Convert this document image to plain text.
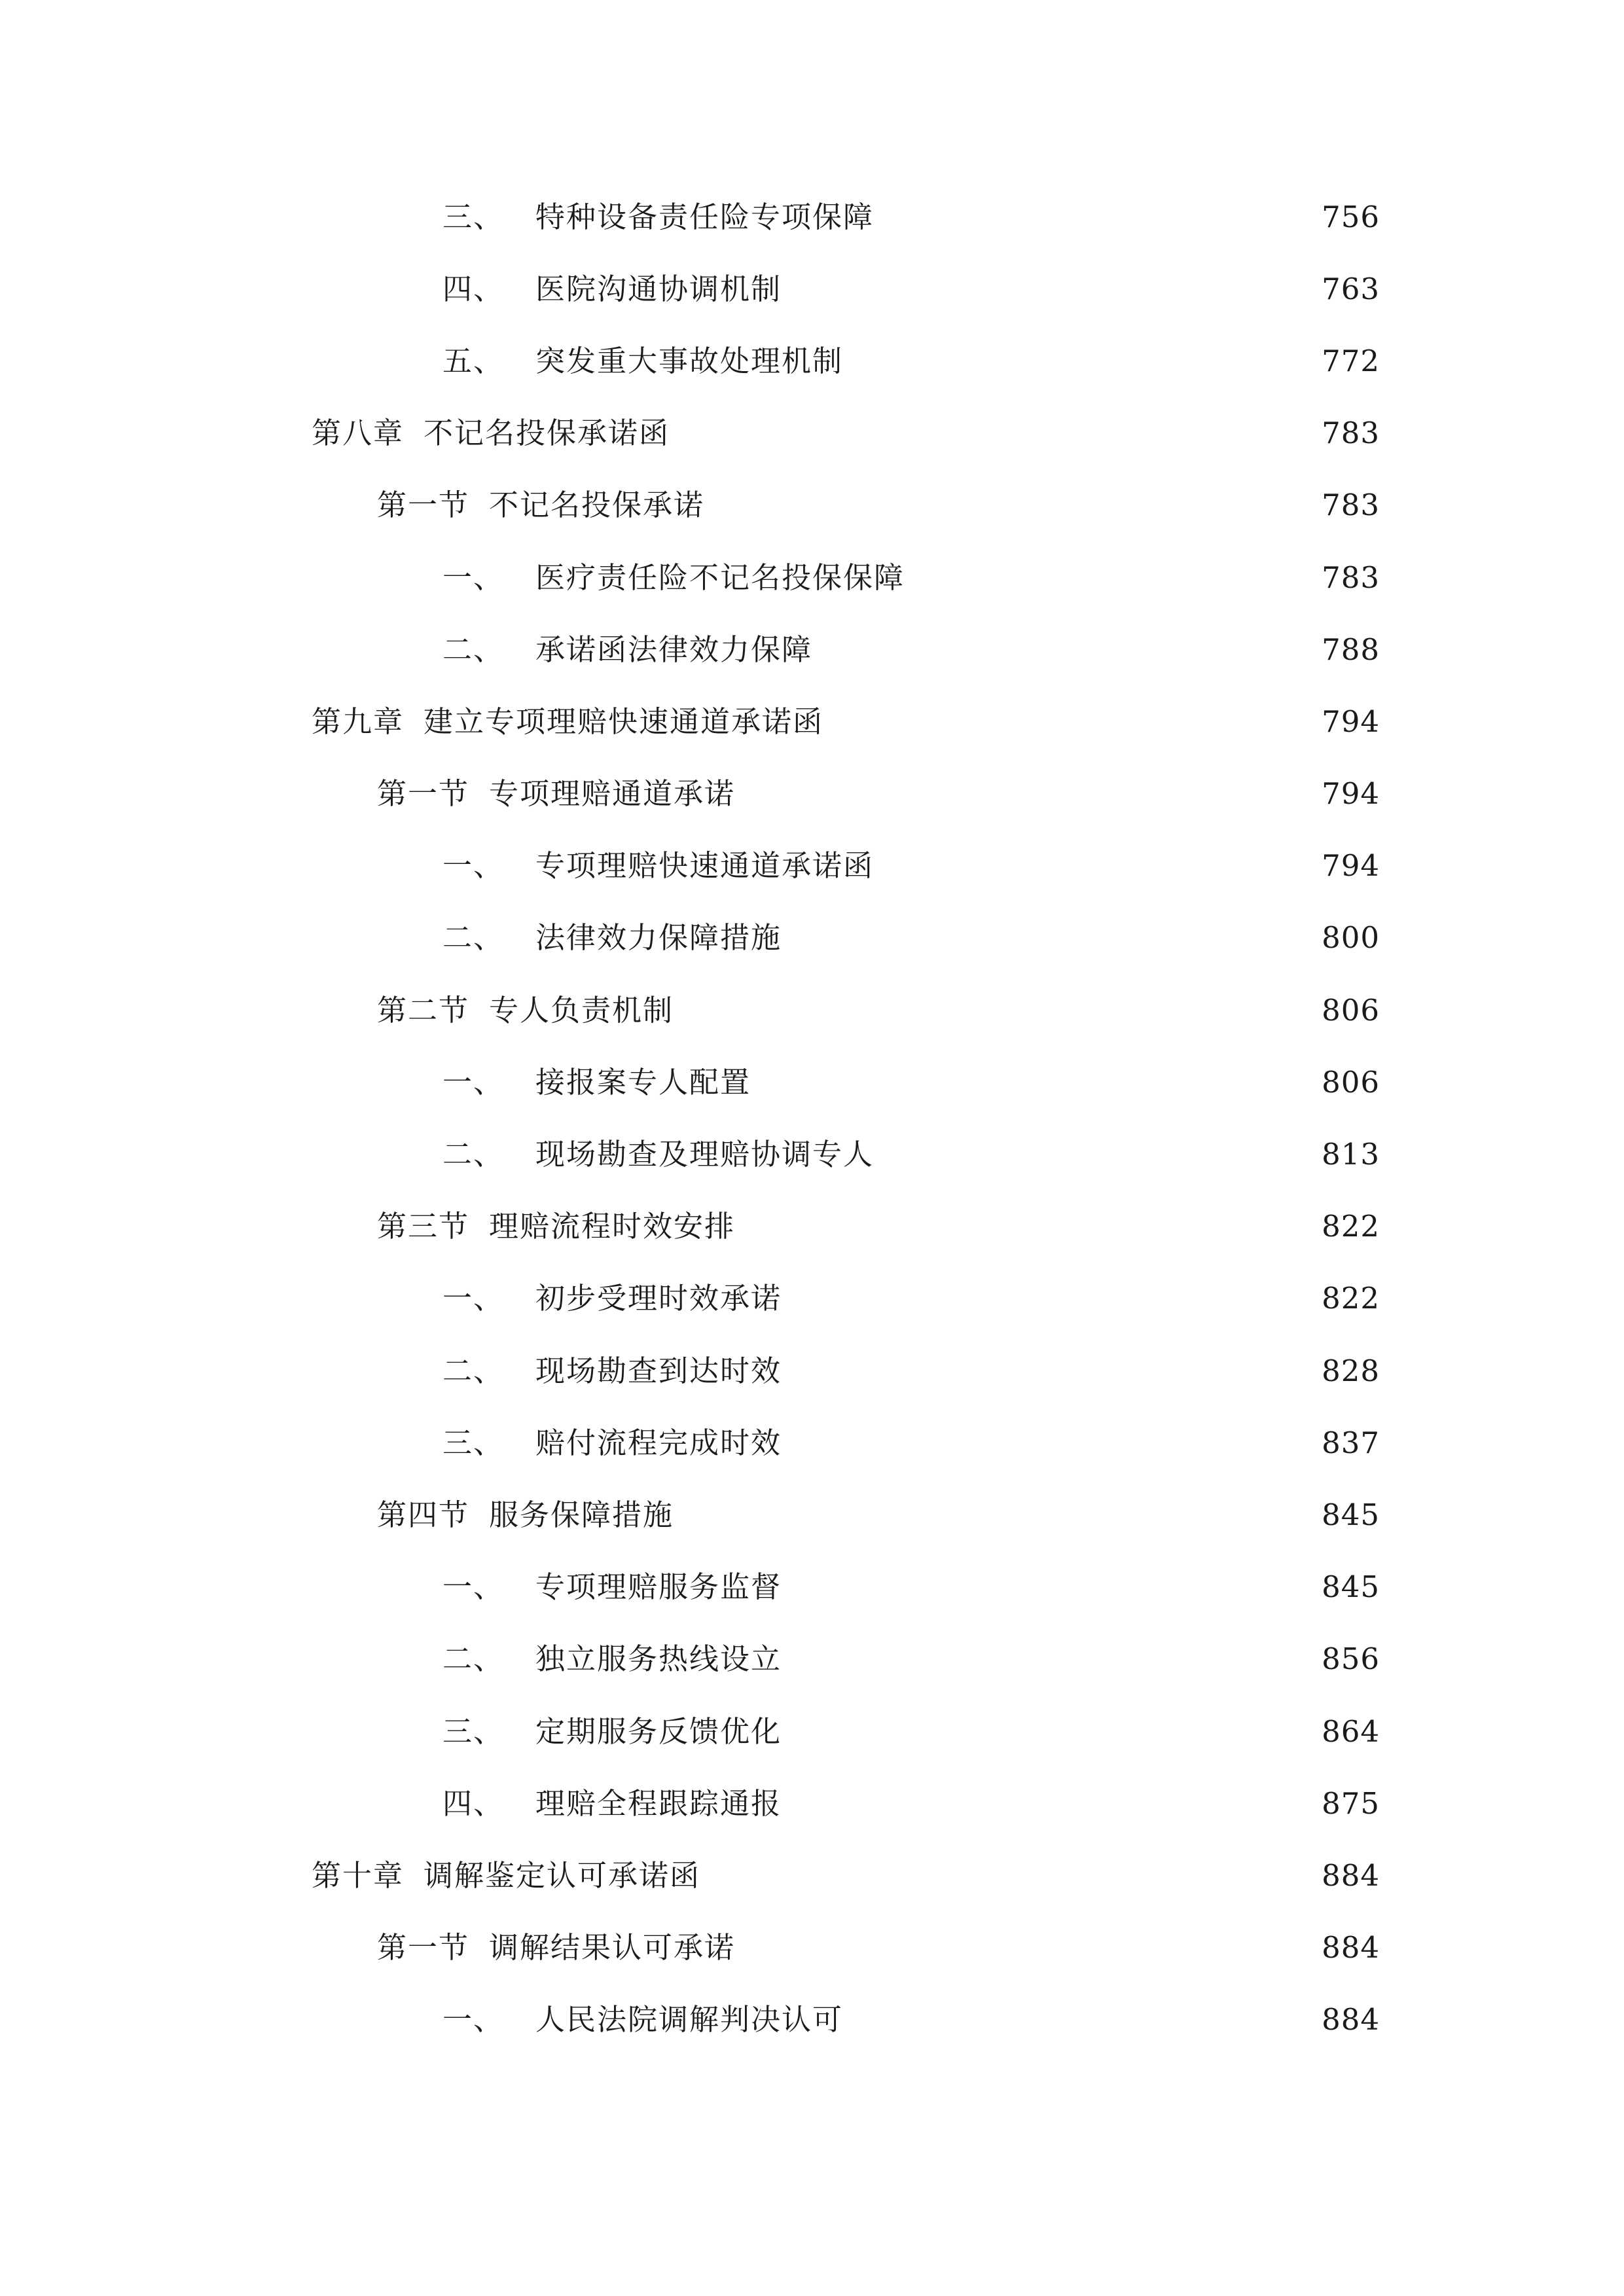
三、 特种设备责任险专项保障	756
四、 医院沟通协调机制	763
五、 突发重大事故处理机制	772
第八章 不记名投保承诺函	783
第一节 不记名投保承诺	783
一、 医疗责任险不记名投保保障	783
二、 承诺函法律效力保障	788
第九章 建立专项理赔快速通道承诺函	794
第一节 专项理赔通道承诺	794
一、 专项理赔快速通道承诺函	794
二、 法律效力保障措施	800
第二节 专人负责机制	806
一、 接报案专人配置	806
二、 现场勘查及理赔协调专人	813
第三节 理赔流程时效安排	822
一、 初步受理时效承诺	822
二、 现场勘查到达时效	828
三、 赔付流程完成时效	837
第四节 服务保障措施	845
一、 专项理赔服务监督	845
二、 独立服务热线设立	856
三、 定期服务反馈优化	864
四、 理赔全程跟踪通报	875
第十章 调解鉴定认可承诺函	884
第一节 调解结果认可承诺	884
一、 人民法院调解判决认可	884
